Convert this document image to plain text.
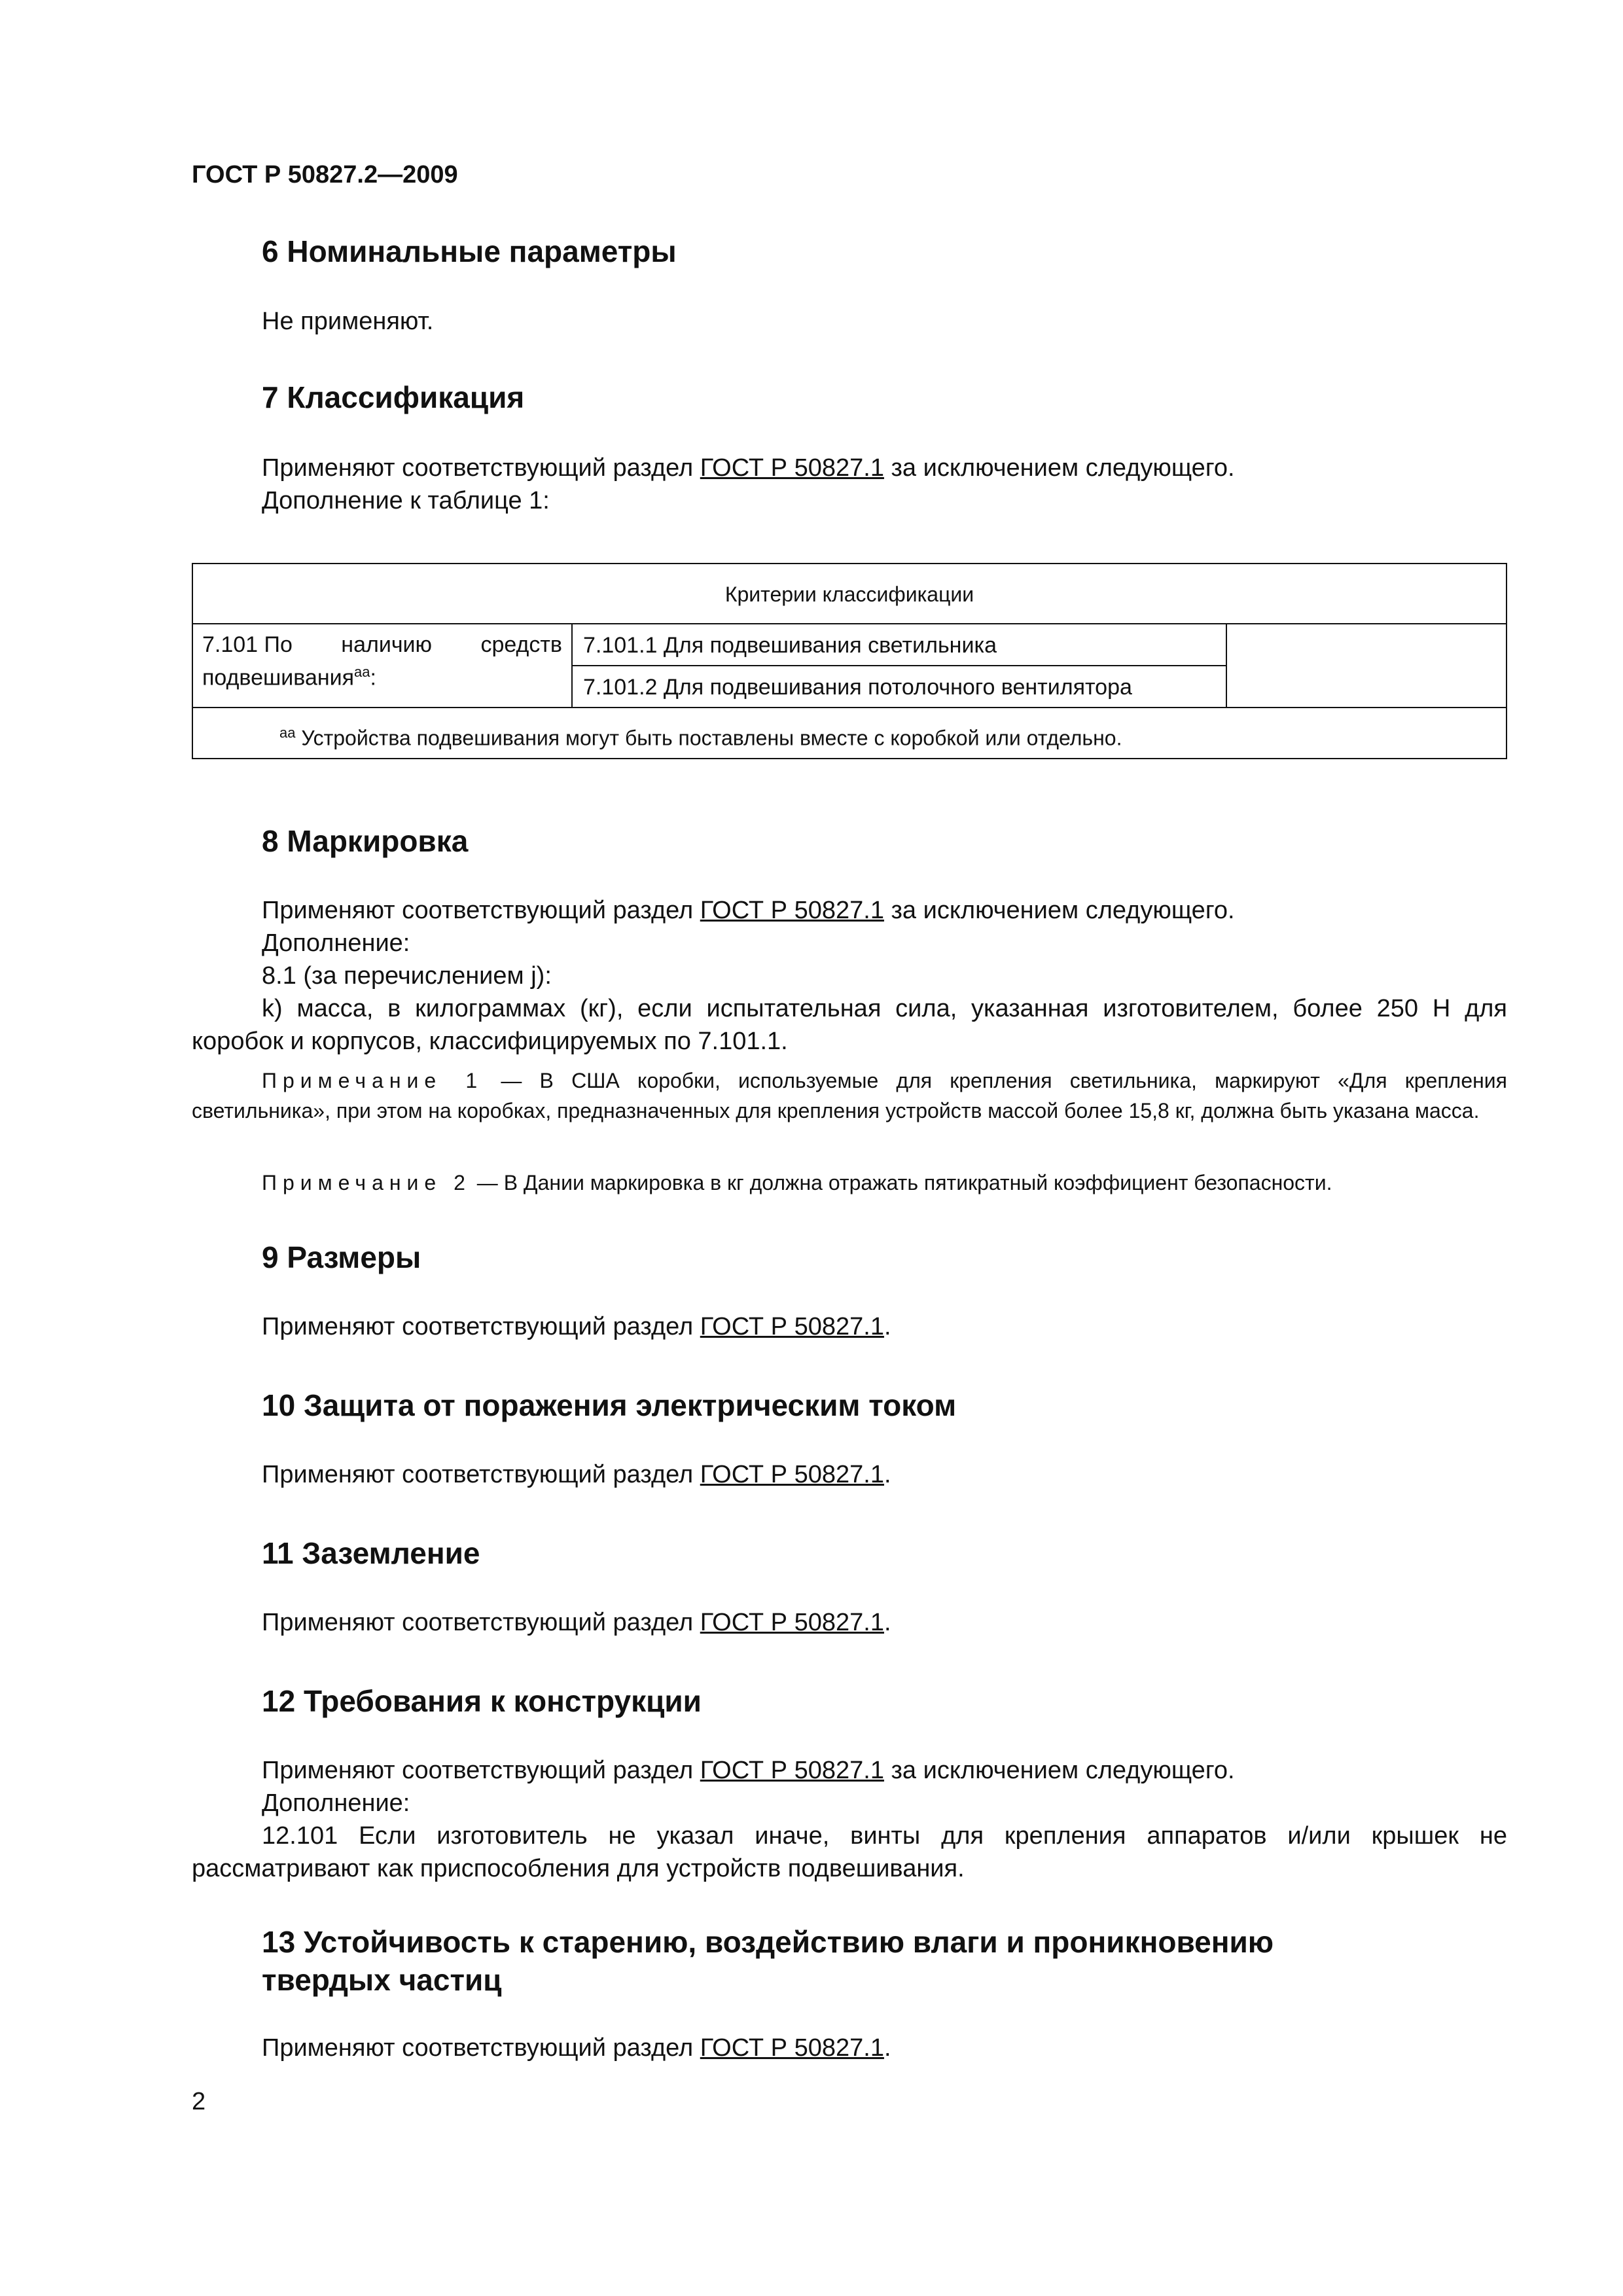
ГОСТ Р 50827.2—2009
6 Номинальные параметры
Не применяют.
7 Классификация
Применяют соответствующий раздел ГОСТ Р 50827.1 за исключением следующего.
Дополнение к таблице 1:
Критерии классификации
7.101 По наличию средств
подвешивания$^{аа}$:
7.101.1 Для подвешивания светильника
7.101.2 Для подвешивания потолочного вентилятора
$^{аа}$ Устройства подвешивания могут быть поставлены вместе с коробкой или отдельно.
8 Маркировка
Применяют соответствующий раздел ГОСТ Р 50827.1 за исключением следующего.
Дополнение:
8.1 (за перечислением j):
k) масса, в килограммах (кг), если испытательная сила, указанная изготовителем, более 250 Н для коробок и корпусов, классифицируемых по 7.101.1.
Примечание 1 — В США коробки, используемые для крепления светильника, маркируют «Для крепления светильника», при этом на коробках, предназначенных для крепления устройств массой более 15,8 кг, должна быть указана масса.
Примечание 2 — В Дании маркировка в кг должна отражать пятикратный коэффициент безопасности.
9 Размеры
Применяют соответствующий раздел ГОСТ Р 50827.1.
10 Защита от поражения электрическим током
Применяют соответствующий раздел ГОСТ Р 50827.1.
11 Заземление
Применяют соответствующий раздел ГОСТ Р 50827.1.
12 Требования к конструкции
Применяют соответствующий раздел ГОСТ Р 50827.1 за исключением следующего.
Дополнение:
12.101 Если изготовитель не указал иначе, винты для крепления аппаратов и/или крышек не рассматривают как приспособления для устройств подвешивания.
13 Устойчивость к старению, воздействию влаги и проникновению
твердых частиц
Применяют соответствующий раздел ГОСТ Р 50827.1.
2
